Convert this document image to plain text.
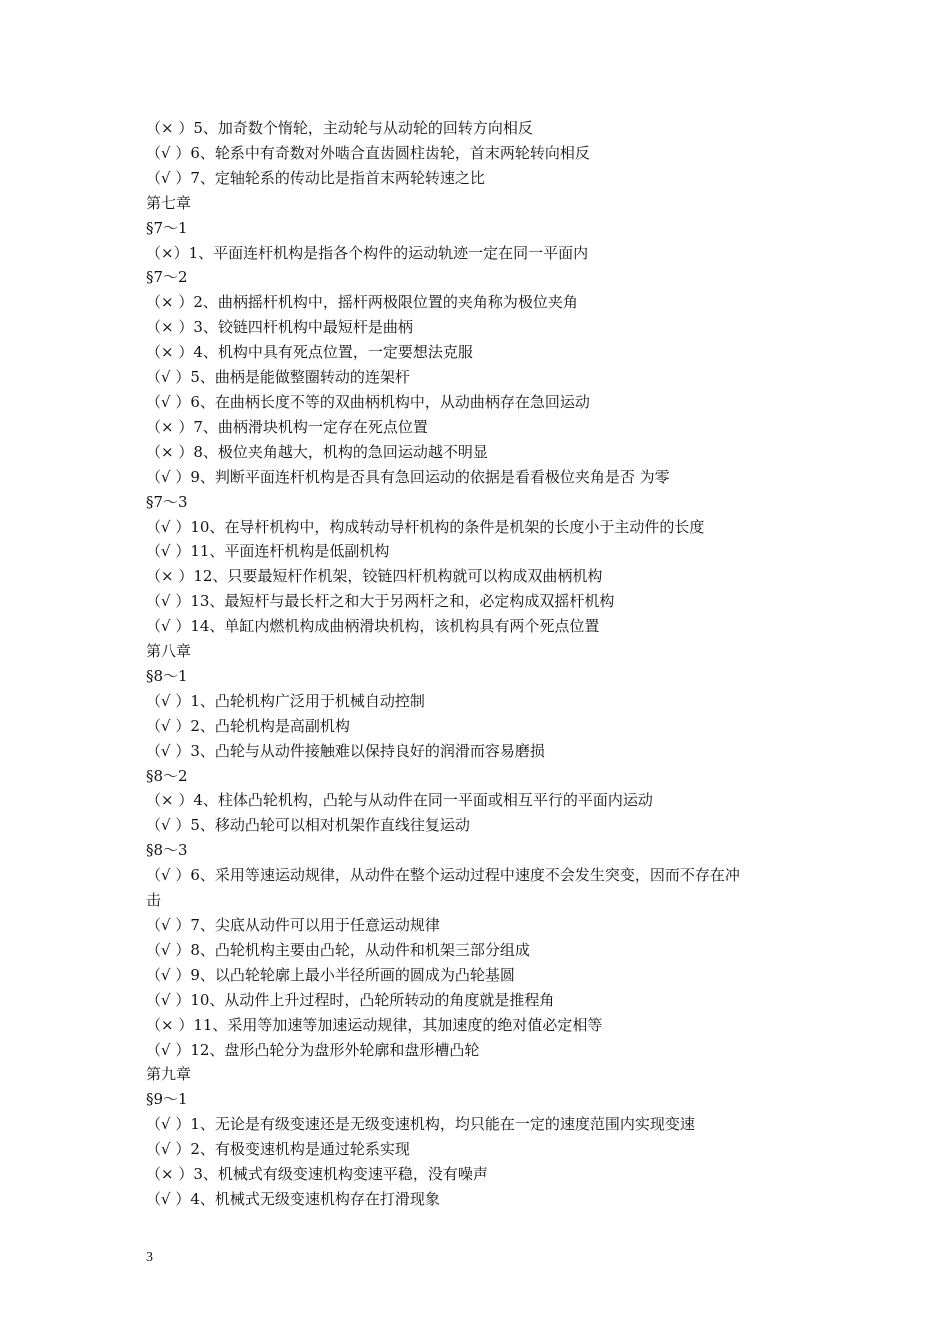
（× ）5、加奇数个惰轮，主动轮与从动轮的回转方向相反

（√ ）6、轮系中有奇数对外啮合直齿圆柱齿轮，首末两轮转向相反

（√ ）7、定轴轮系的传动比是指首末两轮转速之比

第七章

§7～1

（×）1、平面连杆机构是指各个构件的运动轨迹一定在同一平面内

§7～2

（× ）2、曲柄摇杆机构中，摇杆两极限位置的夹角称为极位夹角

（× ）3、铰链四杆机构中最短杆是曲柄

（× ）4、机构中具有死点位置，一定要想法克服

（√ ）5、曲柄是能做整圈转动的连架杆

（√ ）6、在曲柄长度不等的双曲柄机构中，从动曲柄存在急回运动

（× ）7、曲柄滑块机构一定存在死点位置

（× ）8、极位夹角越大，机构的急回运动越不明显

（√ ）9、判断平面连杆机构是否具有急回运动的依据是看看极位夹角是否 为零

§7～3

（√ ）10、在导杆机构中，构成转动导杆机构的条件是机架的长度小于主动件的长度

（√ ）11、平面连杆机构是低副机构

（× ）12、只要最短杆作机架，铰链四杆机构就可以构成双曲柄机构

（√ ）13、最短杆与最长杆之和大于另两杆之和，必定构成双摇杆机构

（√ ）14、单缸内燃机构成曲柄滑块机构，该机构具有两个死点位置

第八章

§8～1

（√ ）1、凸轮机构广泛用于机械自动控制

（√ ）2、凸轮机构是高副机构

（√ ）3、凸轮与从动件接触难以保持良好的润滑而容易磨损

§8～2

（× ）4、柱体凸轮机构，凸轮与从动件在同一平面或相互平行的平面内运动

（√ ）5、移动凸轮可以相对机架作直线往复运动

§8～3

（√ ）6、采用等速运动规律，从动件在整个运动过程中速度不会发生突变，因而不存在冲

击

（√ ）7、尖底从动件可以用于任意运动规律

（√ ）8、凸轮机构主要由凸轮，从动件和机架三部分组成

（√ ）9、以凸轮轮廓上最小半径所画的圆成为凸轮基圆

（√ ）10、从动件上升过程时，凸轮所转动的角度就是推程角

（× ）11、采用等加速等加速运动规律，其加速度的绝对值必定相等

（√ ）12、盘形凸轮分为盘形外轮廓和盘形槽凸轮

第九章

§9～1

（√ ）1、无论是有级变速还是无级变速机构，均只能在一定的速度范围内实现变速

（√ ）2、有极变速机构是通过轮系实现

（× ）3、机械式有级变速机构变速平稳，没有噪声

（√ ）4、机械式无级变速机构存在打滑现象

3
